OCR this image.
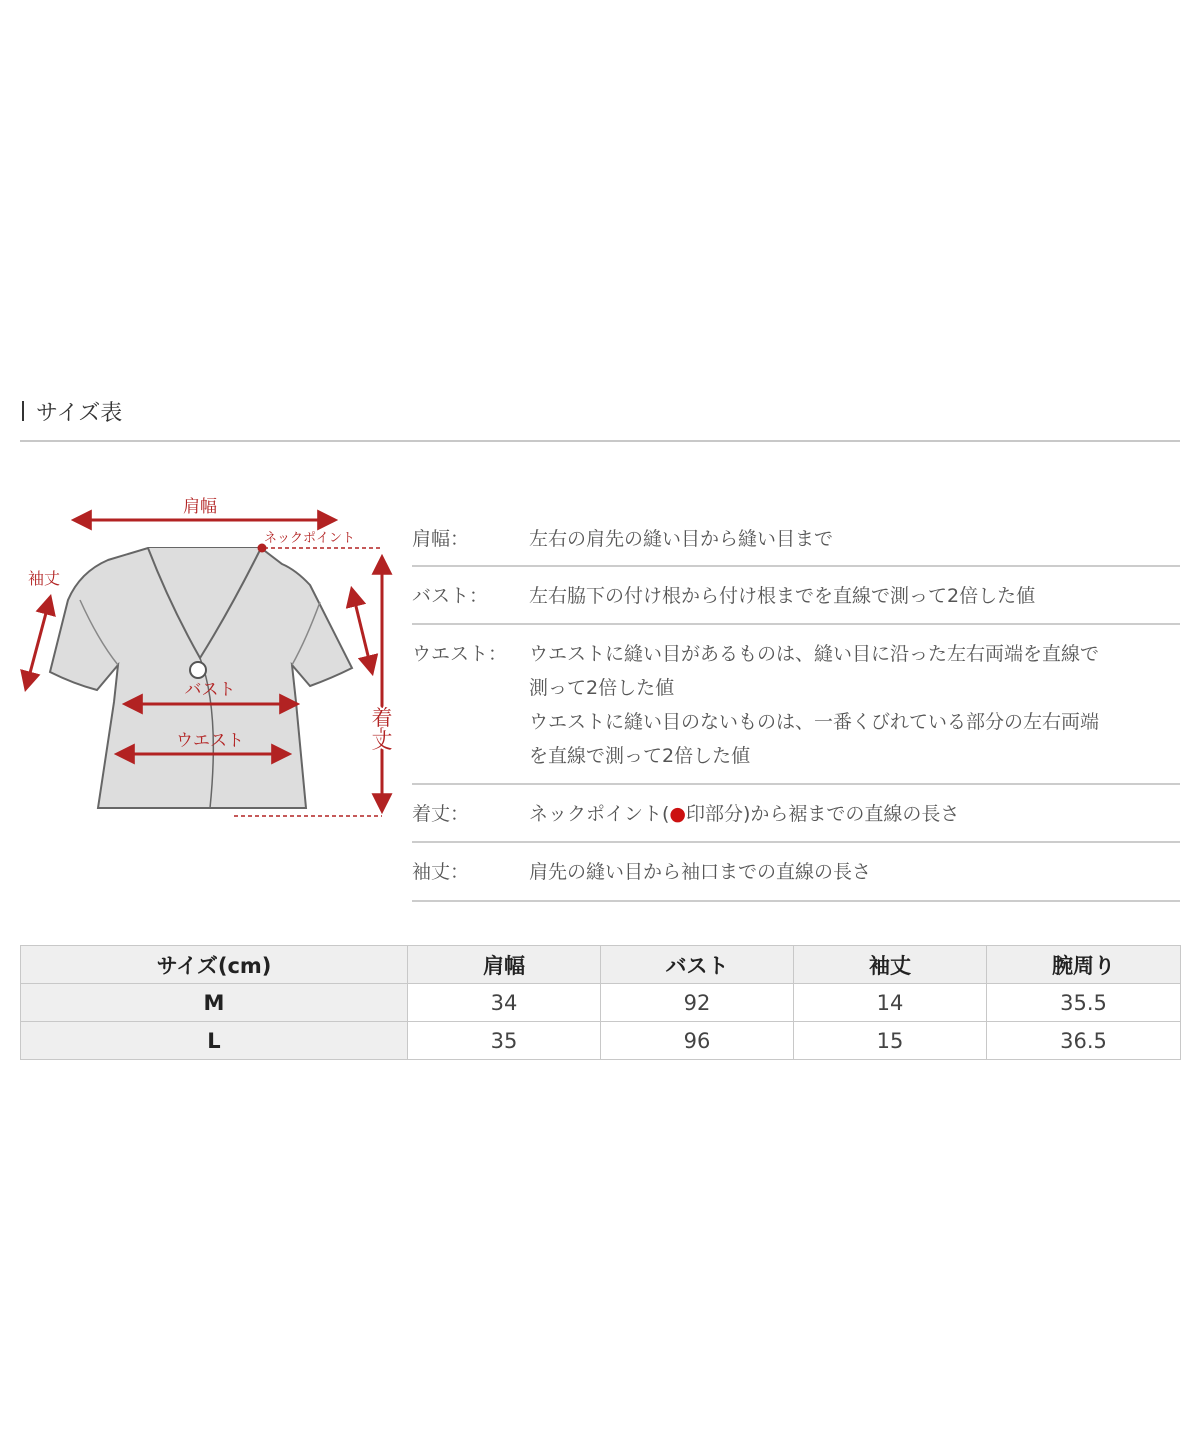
サイズ表
肩幅
ネックポイント
着
丈
袖丈
バスト
ウエスト
肩幅：	左右の肩先の縫い目から縫い目まで

バスト：	左右脇下の付け根から付け根までを直線で測って2倍した値

ウエスト：	ウエストに縫い目があるものは、縫い目に沿った左右両端を直線で

測って2倍した値

ウエストに縫い目のないものは、一番くびれている部分の左右両端

を直線で測って2倍した値

着丈：	ネックポイント(●印部分)から裾までの直線の長さ

袖丈：	肩先の縫い目から袖口までの直線の長さ

サイズ(cm)	肩幅	バスト	袖丈	腕周り
M	34	92	14	35.5
L	35	96	15	36.5
